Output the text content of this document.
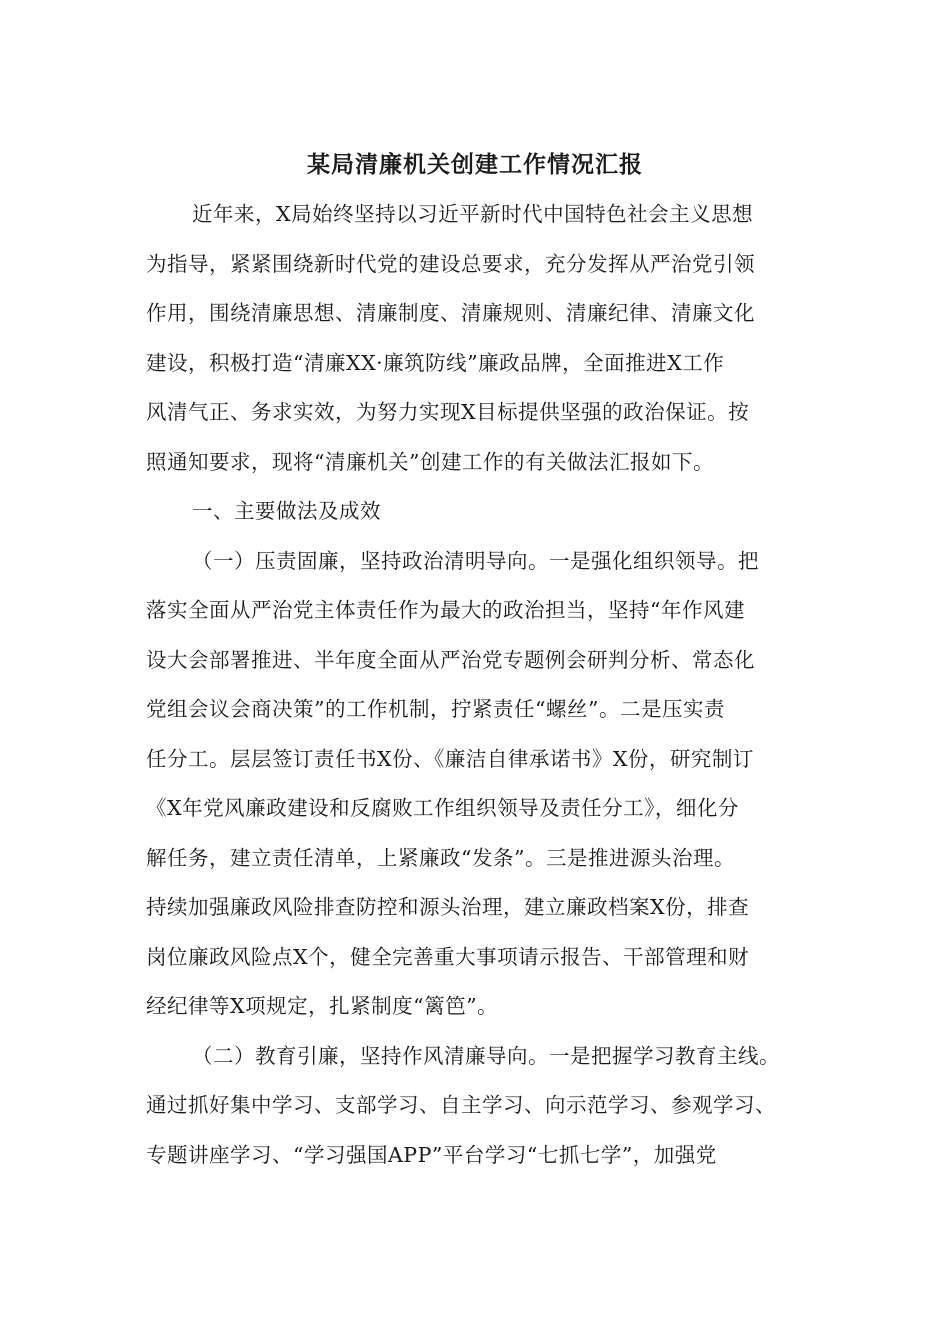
某局清廉机关创建工作情况汇报
近年来，X局始终坚持以习近平新时代中国特色社会主义思想
为指导，紧紧围绕新时代党的建设总要求，充分发挥从严治党引领
作用，围绕清廉思想、清廉制度、清廉规则、清廉纪律、清廉文化
建设，积极打造“清廉XX·廉筑防线”廉政品牌，全面推进X工作
风清气正、务求实效，为努力实现X目标提供坚强的政治保证。按
照通知要求，现将“清廉机关”创建工作的有关做法汇报如下。
一、主要做法及成效
（一）压责固廉，坚持政治清明导向。一是强化组织领导。把
落实全面从严治党主体责任作为最大的政治担当，坚持“年作风建
设大会部署推进、半年度全面从严治党专题例会研判分析、常态化
党组会议会商决策”的工作机制，拧紧责任“螺丝”。二是压实责
任分工。层层签订责任书X份、《廉洁自律承诺书》X份，研究制订
《X年党风廉政建设和反腐败工作组织领导及责任分工》，细化分
解任务，建立责任清单，上紧廉政“发条”。三是推进源头治理。
持续加强廉政风险排查防控和源头治理，建立廉政档案X份，排查
岗位廉政风险点X个，健全完善重大事项请示报告、干部管理和财
经纪律等X项规定，扎紧制度“篱笆”。
（二）教育引廉，坚持作风清廉导向。一是把握学习教育主线。
通过抓好集中学习、支部学习、自主学习、向示范学习、参观学习、
专题讲座学习、“学习强国APP”平台学习“七抓七学”，加强党
